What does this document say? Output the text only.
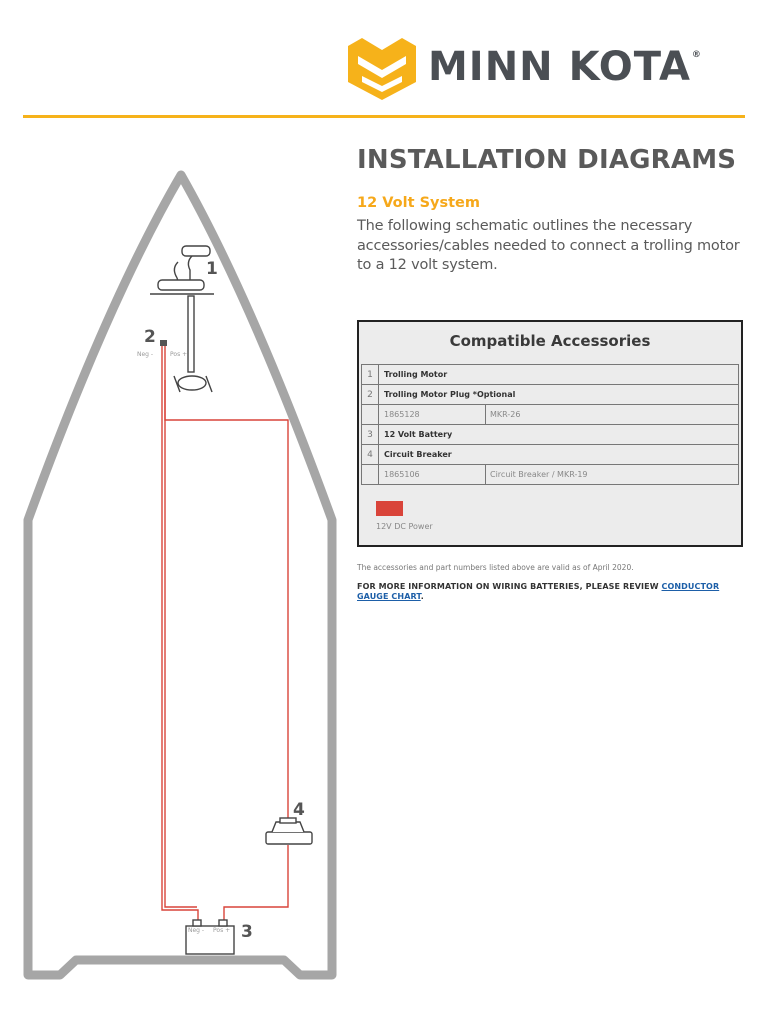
MINN KOTA®
1
2
Neg -	Pos +
4
3
Neg - Pos +
INSTALLATION DIAGRAMS
12 Volt System
The following schematic outlines the necessary accessories/cables needed to connect a trolling motor to a 12 volt system.
Compatible Accessories
1	Trolling Motor
2	Trolling Motor Plug *Optional
1865128	MKR-26
3	12 Volt Battery
4	Circuit Breaker
1865106	Circuit Breaker / MKR-19
12V DC Power
The accessories and part numbers listed above are valid as of April 2020.
FOR MORE INFORMATION ON WIRING BATTERIES, PLEASE REVIEW CONDUCTOR GAUGE CHART.
